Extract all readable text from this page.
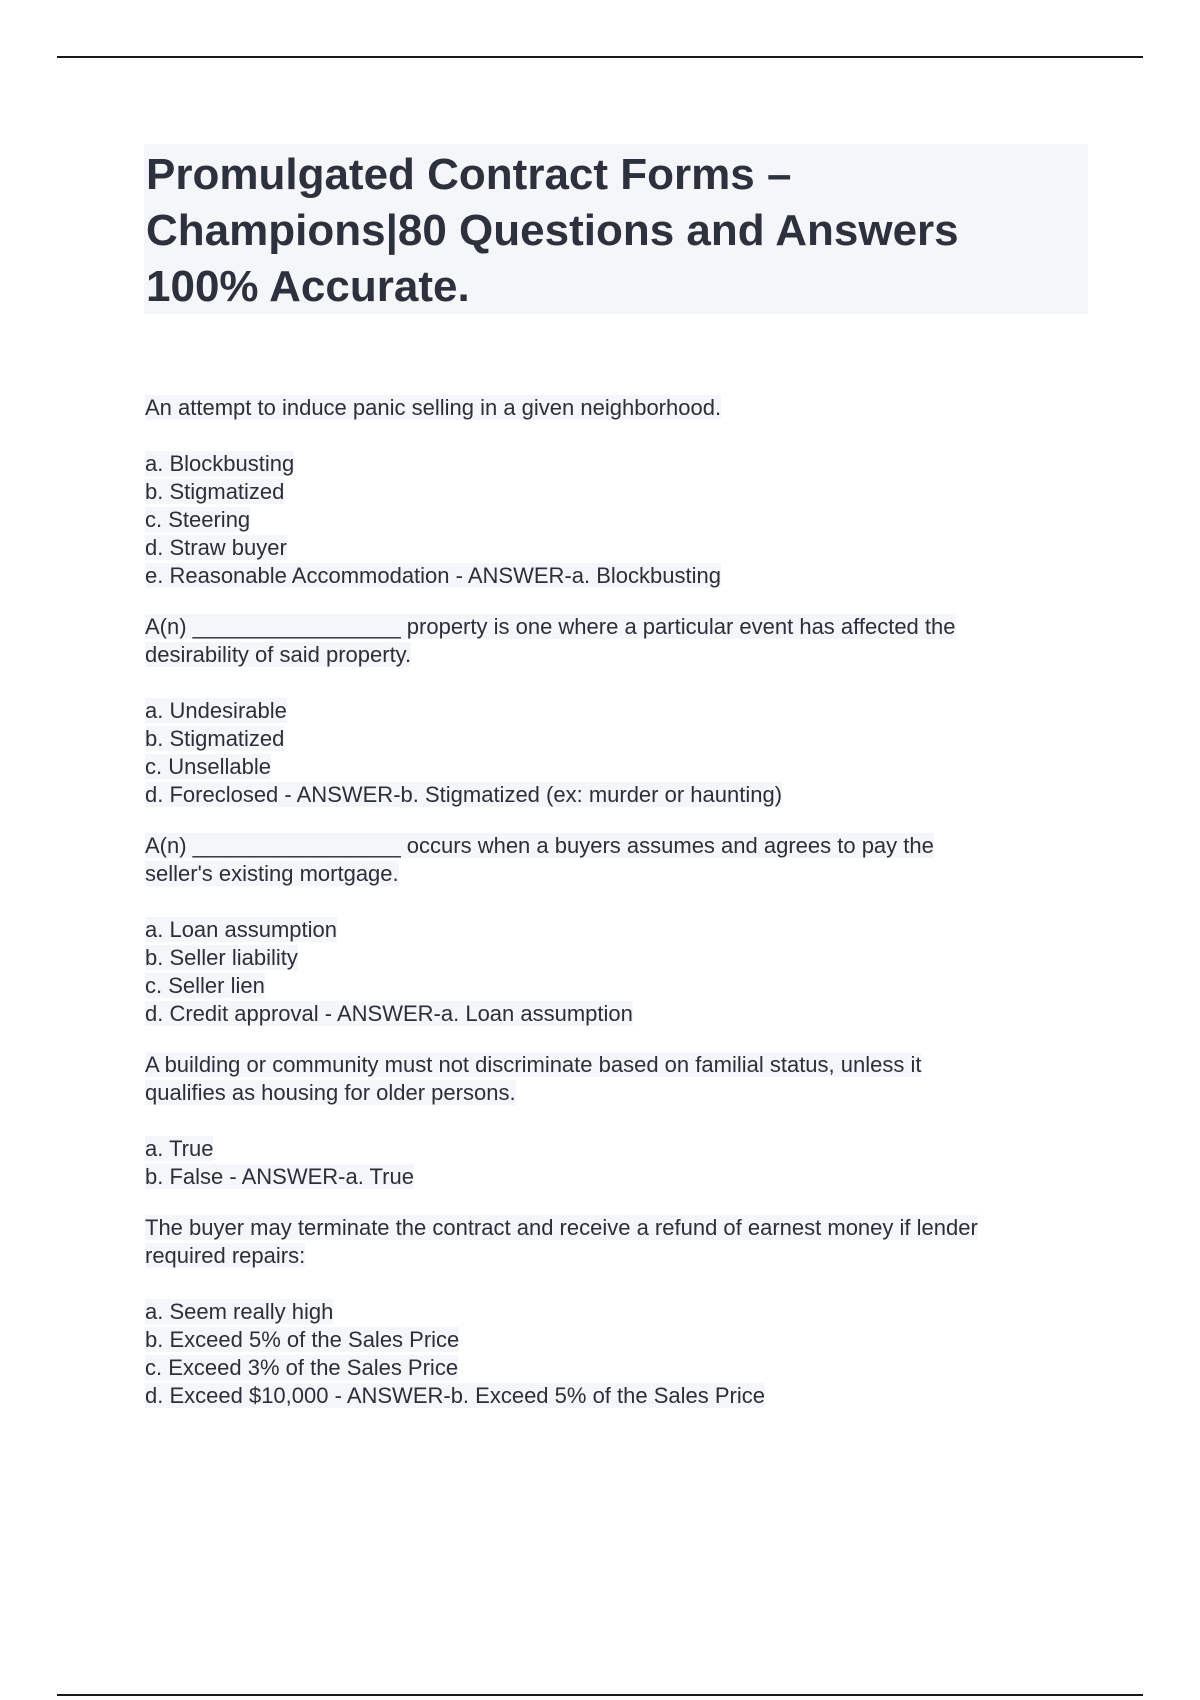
Promulgated Contract Forms –
Champions|80 Questions and Answers
100% Accurate.

An attempt to induce panic selling in a given neighborhood.

a. Blockbusting
b. Stigmatized
c. Steering
d. Straw buyer
e. Reasonable Accommodation - ANSWER-a. Blockbusting

A(n) _________________ property is one where a particular event has affected the
desirability of said property.

a. Undesirable
b. Stigmatized
c. Unsellable
d. Foreclosed - ANSWER-b. Stigmatized (ex: murder or haunting)

A(n) _________________ occurs when a buyers assumes and agrees to pay the
seller's existing mortgage.

a. Loan assumption
b. Seller liability
c. Seller lien
d. Credit approval - ANSWER-a. Loan assumption

A building or community must not discriminate based on familial status, unless it
qualifies as housing for older persons.

a. True
b. False - ANSWER-a. True

The buyer may terminate the contract and receive a refund of earnest money if lender
required repairs:

a. Seem really high
b. Exceed 5% of the Sales Price
c. Exceed 3% of the Sales Price
d. Exceed $10,000 - ANSWER-b. Exceed 5% of the Sales Price
